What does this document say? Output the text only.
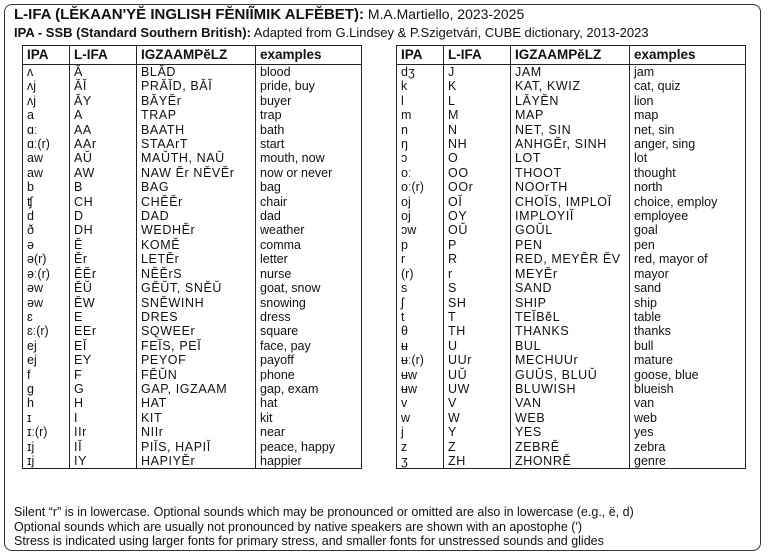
L-IFA (LĔKAAN'YĔ INGLISH FĔNIĨMIK ALFĔBET): M.A.Martiello, 2023-2025
IPA - SSB (Standard Southern British): Adapted from G.Lindsey & P.Szigetvári, CUBE dictionary, 2013-2023
IPA	L-IFA	IGZAAMPĕLZ	examples
ʌ	Ă	BLĂD	blood
ʌj	ĂĬ	PRĂĬD, BĂĬ	pride, buy
ʌj	ĂY	BĂYĔr	buyer
a	A	TRAP	trap
ɑː	AA	BAATH	bath
ɑː(r)	AAr	STAArT	start
aw	AŬ	MAŬTH, NAŬ	mouth, now
aw	AW	NAW Ĕr NĔVĔr	now or never
b	B	BAG	bag
ʧ	CH	CHĔĔr	chair
d	D	DAD	dad
ð	DH	WEDHĔr	weather
ə	Ĕ	KOMĔ	comma
ə(r)	Ĕr	LETĔr	letter
əː(r)	ĔĔr	NĔĔrS	nurse
əw	ĔŬ	GĔŬT, SNĔŬ	goat, snow
əw	ĔW	SNĔWINH	snowing
ɛ	E	DRES	dress
ɛː(r)	EEr	SQWEEr	square
ej	EĬ	FEĬS, PEĬ	face, pay
ej	EY	PEYOF	payoff
f	F	FĔŬN	phone
g	G	GAP, IGZAAM	gap, exam
h	H	HAT	hat
ɪ	I	KIT	kit
ɪː(r)	IIr	NIIr	near
ɪj	IĬ	PIĬS, HAPIĬ	peace, happy
ɪj	IY	HAPIYĔr	happier
IPA	L-IFA	IGZAAMPĕLZ	examples
dʒ	J	JAM	jam
k	K	KAT, KWIZ	cat, quiz
l	L	LĂYĔN	lion
m	M	MAP	map
n	N	NET, SIN	net, sin
ŋ	NH	ANHGĔr, SINH	anger, sing
ɔ	O	LOT	lot
oː	OO	THOOT	thought
oː(r)	OOr	NOOrTH	north
oj	OĬ	CHOĬS, IMPLOĬ	choice, employ
oj	OY	IMPLOYIĬ	employee
ɔw	OŬ	GOŬL	goal
p	P	PEN	pen
r	R	RED, MEYĔR ĔV	red, mayor of
(r)	r	MEYĔr	mayor
s	S	SAND	sand
ʃ	SH	SHIP	ship
t	T	TEĬBĕL	table
θ	TH	THANKS	thanks
ʉ	U	BUL	bull
ʉː(r)	UUr	MECHUUr	mature
ʉw	UŬ	GUŬS, BLUŬ	goose, blue
ʉw	UW	BLUWISH	blueish
v	V	VAN	van
w	W	WEB	web
j	Y	YES	yes
z	Z	ZEBRĔ	zebra
ʒ	ZH	ZHONRĔ	genre
Silent “r” is in lowercase. Optional sounds which may be pronounced or omitted are also in lowercase (e.g., ë, d)
Optional sounds which are usually not pronounced by native speakers are shown with an apostophe (')
Stress is indicated using larger fonts for primary stress, and smaller fonts for unstressed sounds and glides
